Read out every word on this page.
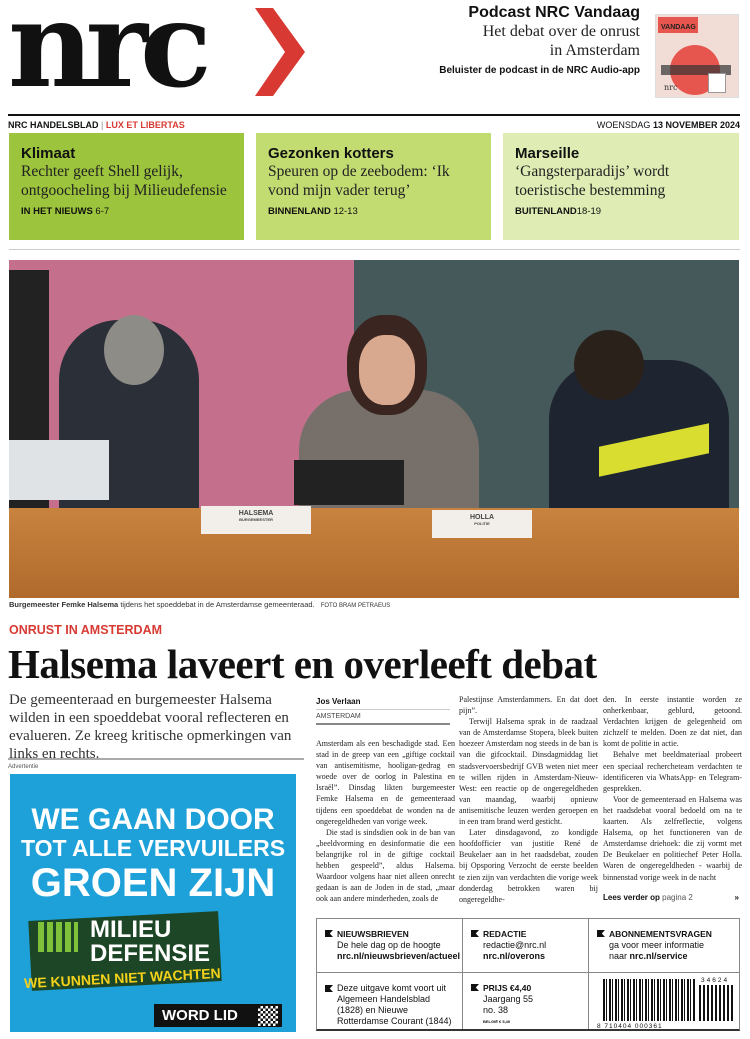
nrc	Podcast NRC Vandaag
Het debat over de onrust
in Amsterdam
Beluister de podcast in de NRC Audio-app
VANDAAG
nrc
NRC HANDELSBLAD | LUX ET LIBERTAS	WOENSDAG 13 NOVEMBER 2024
Klimaat
Rechter geeft Shell gelijk, ontgoocheling bij Milieudefensie
IN HET NIEUWS 6-7
Gezonken kotters
Speuren op de zeebodem: ‘Ik vond mijn vader terug’
BINNENLAND 12-13
Marseille
‘Gangsterparadijs’ wordt toeristische bestemming
BUITENLAND18-19
HALSEMA
BURGEMEESTER	HOLLA
POLITIE
Burgemeester Femke Halsema tijdens het spoeddebat in de Amsterdamse gemeenteraad. FOTO BRAM PETRAEUS
ONRUST IN AMSTERDAM
Halsema laveert en overleeft debat
De gemeenteraad en burgemeester Halsema wilden in een spoeddebat vooral reflecteren en evalueren. Ze kreeg kritische opmerkingen van links en rechts.
Jos Verlaan
AMSTERDAM

Amsterdam als een beschadigde stad. Een stad in de greep van een „giftige cocktail van antisemitisme, hooligan-gedrag en woede over de oorlog in Palestina en Israël”. Dinsdag likten burgemeester Femke Halsema en de gemeenteraad tijdens een spoeddebat de wonden na de ongeregeldheden van vorige week.

Die stad is sindsdien ook in de ban van „beeldvorming en desinformatie die een belangrijke rol in de giftige cocktail hebben gespeeld”, aldus Halsema. Waardoor volgens haar niet alleen onrecht gedaan is aan de Joden in de stad, „maar ook aan andere minderheden, zoals de

Palestijnse Amsterdammers. En dat doet pijn”.

Terwijl Halsema sprak in de raadzaal van de Amsterdamse Stopera, bleek buiten hoezeer Amsterdam nog steeds in de ban is van die gifcocktail. Dinsdagmiddag liet stadsvervoersbedrijf GVB weten niet meer te willen rijden in Amsterdam-Nieuw-West: een reactie op de ongeregeldheden van maandag, waarbij opnieuw antisemitische leuzen werden geroepen en in een tram brand werd gesticht.

Later dinsdagavond, zo kondigde hoofdofficier van justitie René de Beukelaer aan in het raadsdebat, zouden bij Opsporing Verzocht de eerste beelden te zien zijn van verdachten die vorige week donderdag betrokken waren bij ongeregeldhe-

den. In eerste instantie worden ze onherkenbaar, geblurd, getoond. Verdachten krijgen de gelegenheid om zichzelf te melden. Doen ze dat niet, dan komt de politie in actie.

Behalve met beeldmateriaal probeert een speciaal rechercheteam verdachten te identificeren via WhatsApp- en Telegram-gesprekken.

Voor de gemeenteraad en Halsema was het raadsdebat vooral bedoeld om na te kaarten. Als zelfreflectie, volgens Halsema, op het functioneren van de Amsterdamse driehoek: die zij vormt met De Beukelaer en politiechef Peter Holla. Waren de ongeregeldheden - waarbij de binnenstad vorige week in de nacht

Lees verder op pagina 2	»
Advertentie
WE GAAN DOOR
TOT ALLE VERVUILERS
GROEN ZIJN
MILIEU
DEFENSIE
WE KUNNEN NIET WACHTEN
WORD LID
NIEUWSBRIEVEN
De hele dag op de hoogte
nrc.nl/nieuwsbrieven/actueel
REDACTIE
redactie@nrc.nl
nrc.nl/overons
ABONNEMENTSVRAGEN
ga voor meer informatie
naar nrc.nl/service
Deze uitgave komt voort uit Algemeen Handelsblad (1828) en Nieuwe Rotterdamse Courant (1844)
PRIJS €4,40
Jaargang 55
no. 38
BELGIË € 5,40
34624
8 710404 000361
